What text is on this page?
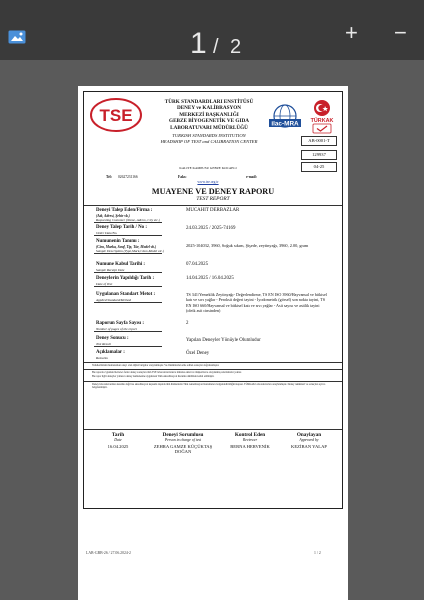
1 / 2
+ −
TSE
TÜRK STANDARDLARI ENSTİTÜSÜ
DENEY ve KALİBRASYON
MERKEZİ BAŞKANLIĞI
GEBZE BİYOGENETİK VE GIDA
LABORATUVARI MÜDÜRLÜĞÜ
TURKISH STANDARDS INSTITUTION
HEADSHIP OF TEST and CALIBRATION CENTER
ilac-MRA TÜRKAK
AB-0001-T
129937
04-25
KALITE KAMPUSU GEBZE KOCAELI
Tel: 02627231166	Faks:	e-mail:
www.tse.org.tr
MUAYENE VE DENEY RAPORU
TEST REPORT
Deneyi Talep Eden/Firma :
(Adı, Adresi, Şehir vb.)
Requesting Customer (Name, Adress, City etc.)
MUCAHIT DERBAZLAR
Deney Talep Tarih / No :
Order Date/No.
24.03.2025 / 2025-74169
Numunenin Tanımı :
(Cins, Marka, Sınıf, Tip, Tür, Model vb.)
Sample Description (Type,Mark,Class,Model etc.)
2025-104032, 3960, Soğuk sıkım, Şişede, zeytinyağı, 3960, 2.00, gram
Numune Kabul Tarihi :
Sample Receipt Date
07.04.2025
Deneylerin Yapıldığı Tarih :
Date of Test
14.04.2025 / 16.04.2025
Uygulanan Standart Metot :
Applied Standard/Method
TS 341/Yemeklik Zeytinyağı- Değerlendirme, TS EN ISO 3960/Hayvansal ve bitkisel
katı ve sıvı yağlar - Peroksit değeri tayini - İyodometrik (görsel) son nokta tayini, TS
EN ISO 660/Hayvansal ve bitkisel katı ve sıvı yağlar - Asit sayısı ve asitlik tayini
(oleik asit cinsinden)
Raporun Sayfa Sayısı :
Number of pages of the report
2
Deney Sonucu :
Test Result
Yapılan Deneyler Yönüyle Olumludur
Açıklamalar :
Remarks
Özel Deney
Yetkilerimizin muntazaman onayı olan dijital bulgular onaylanmıştır. Ve dökümlerden elde edilen sonuçlar doğrulanmıştır.
Bu raporda 2 guidele Reviews ferler deney sonuçları tüm TSE laboratuvarlarınca mütalaa ekleri ve müşterilerce onaylanmış sınırlamalar yoktur.
Bu rapor ilgili deneyler yalnızca deney numunesine uygulanan Türk Akreditasyon Kurumu dahilinde kabul edilmiştir.
Deney laboratuvarımız akredite değil ise akreditasyon kapsamı dışında tüm hizmetlerin Türk Akreditasyon Kurumunca belgelendirildiğini kapsar. TÜRKAK Laboratuvarları onaylanmıştır. Deney teknikleri ve sonuçları ayrıca belgelenmiştir.
Tarih
Date
16.04.2025
Deneyi Sorumlusu
Person in charge of test
ZEHRA GAMZE KÜÇÜKTAŞ DOĞAN
Kontrol Eden
Reviewer
BERNA HERVENİK
Onaylayan
Approved by
KEZİBAN YALAP
LAB-GBB-26 / 27.06.2024-2	1 / 2
